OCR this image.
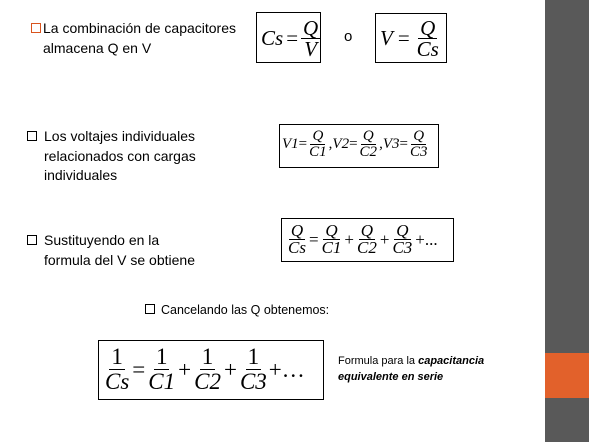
La combinación de capacitores
almacena Q en V	$Cs = \frac{Q}{V}$ o $V = \frac{Q}{Cs}$
Los voltajes individuales
relacionados con cargas
individuales
$V1 = \frac{Q}{C1}$ , $V2 = \frac{Q}{C2}$ , $V3 = \frac{Q}{C3}$
Sustituyendo en la
formula del V se obtiene
$\frac{Q}{Cs} = \frac{Q}{C1} + \frac{Q}{C2} + \frac{Q}{C3}$ +...
Cancelando las Q obtenemos:
$\frac{1}{Cs} = \frac{1}{C1} + \frac{1}{C2} + \frac{1}{C3}$ +…	Formula para la capacitancia
equivalente en serie
